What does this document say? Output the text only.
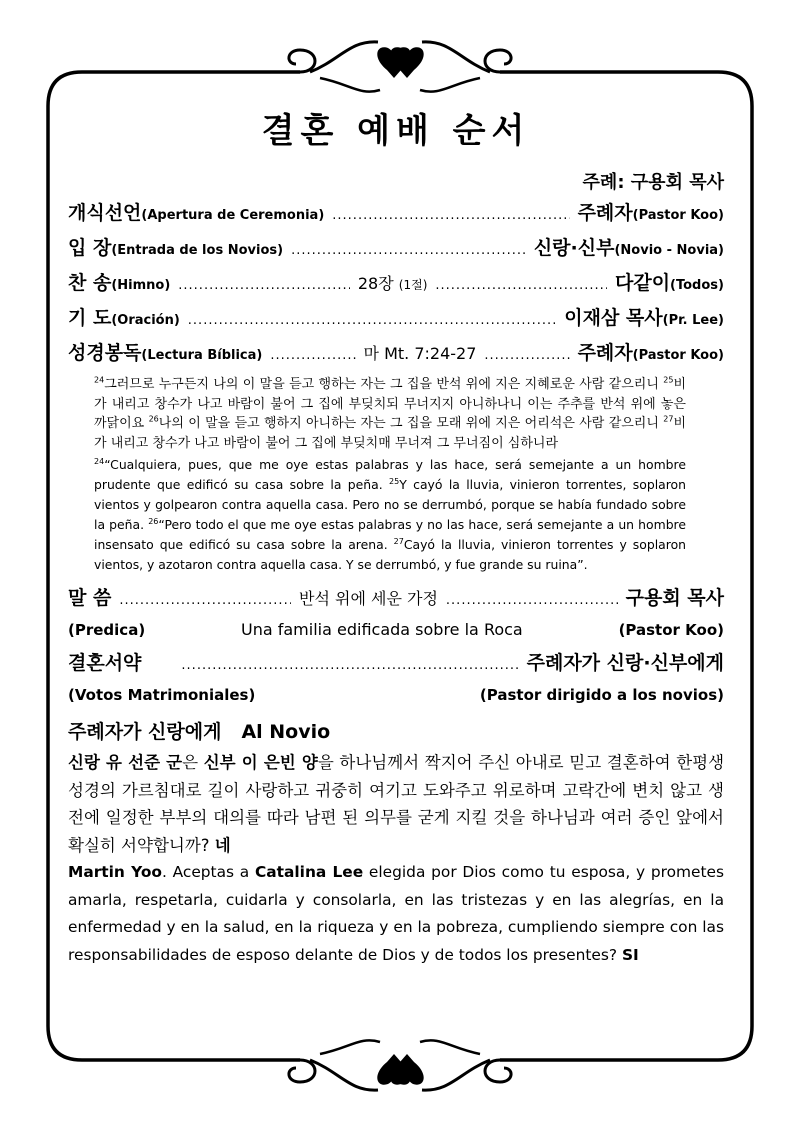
결혼 예배 순서
주례: 구용회 목사
개식선언(Apertura de Ceremonia) .....	주례자(Pastor Koo)
입 장(Entrada de los Novios) .....	신랑·신부(Novio - Novia)
찬 송(Himno) .....	28장 (1절) .....	다같이(Todos)
기 도(Oración) .....	이재삼 목사(Pr. Lee)
성경봉독(Lectura Bíblica) .....	마 Mt. 7:24-27 .....	주례자(Pastor Koo)
$^{24}$그러므로 누구든지 나의 이 말을 듣고 행하는 자는 그 집을 반석 위에 지은 지혜로운 사람 같으리니 $^{25}$비가 내리고 창수가 나고 바람이 불어 그 집에 부딪치되 무너지지 아니하나니 이는 주추를 반석 위에 놓은 까닭이요 $^{26}$나의 이 말을 듣고 행하지 아니하는 자는 그 집을 모래 위에 지은 어리석은 사람 같으리니 $^{27}$비가 내리고 창수가 나고 바람이 불어 그 집에 부딪치매 무너져 그 무너짐이 심하니라
$^{24}$“Cualquiera, pues, que me oye estas palabras y las hace, será semejante a un hombre prudente que edificó su casa sobre la peña. $^{25}$Y cayó la lluvia, vinieron torrentes, soplaron vientos y golpearon contra aquella casa. Pero no se derrumbó, porque se había fundado sobre la peña. $^{26}$“Pero todo el que me oye estas palabras y no las hace, será semejante a un hombre insensato que edificó su casa sobre la arena. $^{27}$Cayó la lluvia, vinieron torrentes y soplaron vientos, y azotaron contra aquella casa. Y se derrumbó, y fue grande su ruina”.
말 씀 .....	반석 위에 세운 가정 .....	구용회 목사
(Predica)	Una familia edificada sobre la Roca	(Pastor Koo)
결혼서약 .....	주례자가 신랑·신부에게
(Votos Matrimoniales)	(Pastor dirigido a los novios)
주례자가 신랑에게 Al Novio
신랑 유 선준 군은 신부 이 은빈 양을 하나님께서 짝지어 주신 아내로 믿고 결혼하여 한평생 성경의 가르침대로 길이 사랑하고 귀중히 여기고 도와주고 위로하며 고락간에 변치 않고 생전에 일정한 부부의 대의를 따라 남편 된 의무를 굳게 지킬 것을 하나님과 여러 증인 앞에서 확실히 서약합니까? 네
Martin Yoo. Aceptas a Catalina Lee elegida por Dios como tu esposa, y prometes amarla, respetarla, cuidarla y consolarla, en las tristezas y en las alegrías, en la enfermedad y en la salud, en la riqueza y en la pobreza, cumpliendo siempre con las responsabilidades de esposo delante de Dios y de todos los presentes? SI
